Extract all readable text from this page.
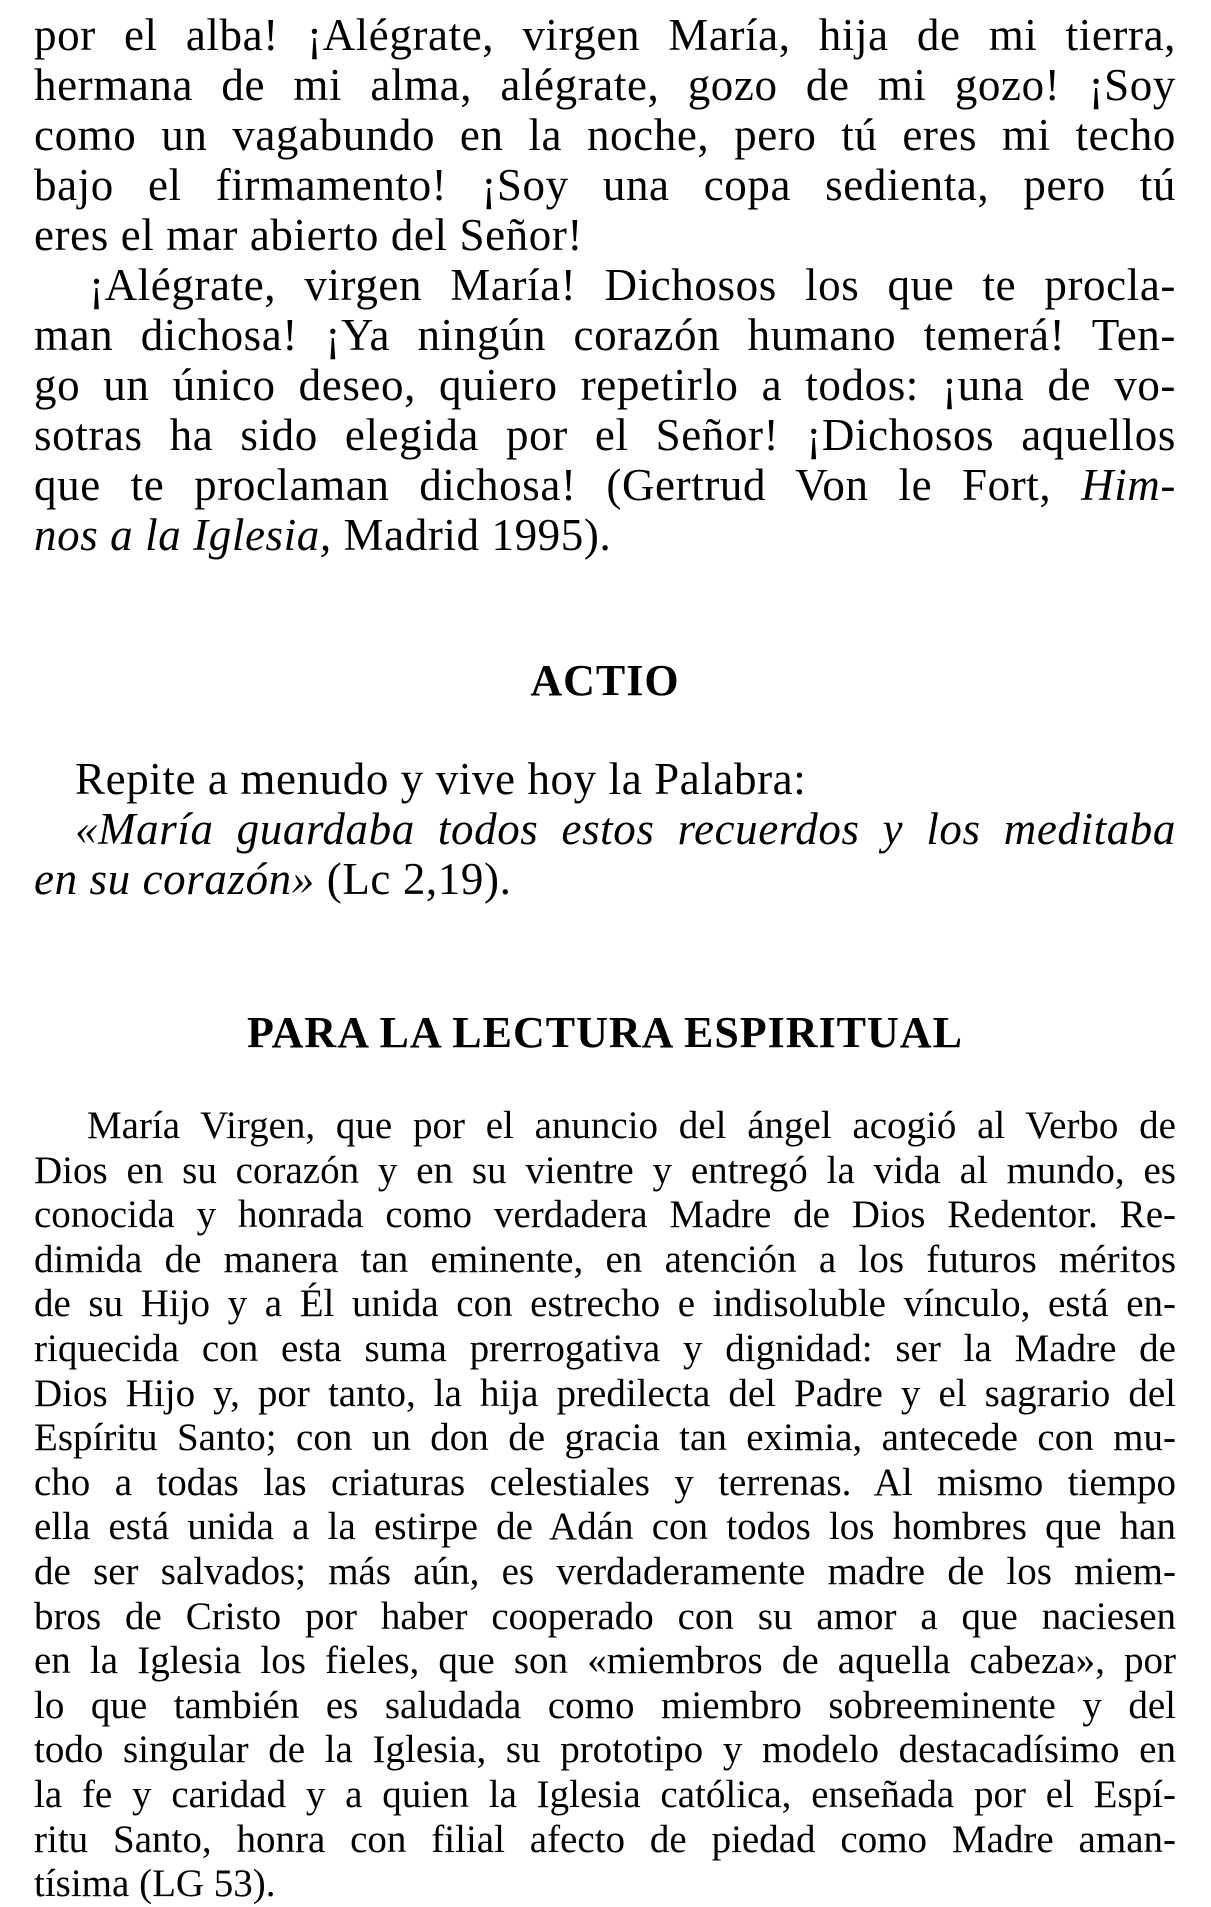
por el alba! ¡Alégrate, virgen María, hija de mi tierra,
hermana de mi alma, alégrate, gozo de mi gozo! ¡Soy
como un vagabundo en la noche, pero tú eres mi techo
bajo el firmamento! ¡Soy una copa sedienta, pero tú
eres el mar abierto del Señor!

¡Alégrate, virgen María! Dichosos los que te procla-
man dichosa! ¡Ya ningún corazón humano temerá! Ten-
go un único deseo, quiero repetirlo a todos: ¡una de vo-
sotras ha sido elegida por el Señor! ¡Dichosos aquellos
que te proclaman dichosa! (Gertrud Von le Fort, Him-
nos a la Iglesia, Madrid 1995).

ACTIO
Repite a menudo y vive hoy la Palabra:
«María guardaba todos estos recuerdos y los meditaba
en su corazón» (Lc 2,19).
PARA LA LECTURA ESPIRITUAL

María Virgen, que por el anuncio del ángel acogió al Verbo de
Dios en su corazón y en su vientre y entregó la vida al mundo, es
conocida y honrada como verdadera Madre de Dios Redentor. Re-
dimida de manera tan eminente, en atención a los futuros méritos
de su Hijo y a Él unida con estrecho e indisoluble vínculo, está en-
riquecida con esta suma prerrogativa y dignidad: ser la Madre de
Dios Hijo y, por tanto, la hija predilecta del Padre y el sagrario del
Espíritu Santo; con un don de gracia tan eximia, antecede con mu-
cho a todas las criaturas celestiales y terrenas. Al mismo tiempo
ella está unida a la estirpe de Adán con todos los hombres que han
de ser salvados; más aún, es verdaderamente madre de los miem-
bros de Cristo por haber cooperado con su amor a que naciesen
en la Iglesia los fieles, que son «miembros de aquella cabeza», por
lo que también es saludada como miembro sobreeminente y del
todo singular de la Iglesia, su prototipo y modelo destacadísimo en
la fe y caridad y a quien la Iglesia católica, enseñada por el Espí-
ritu Santo, honra con filial afecto de piedad como Madre aman-
tísima (LG 53).
